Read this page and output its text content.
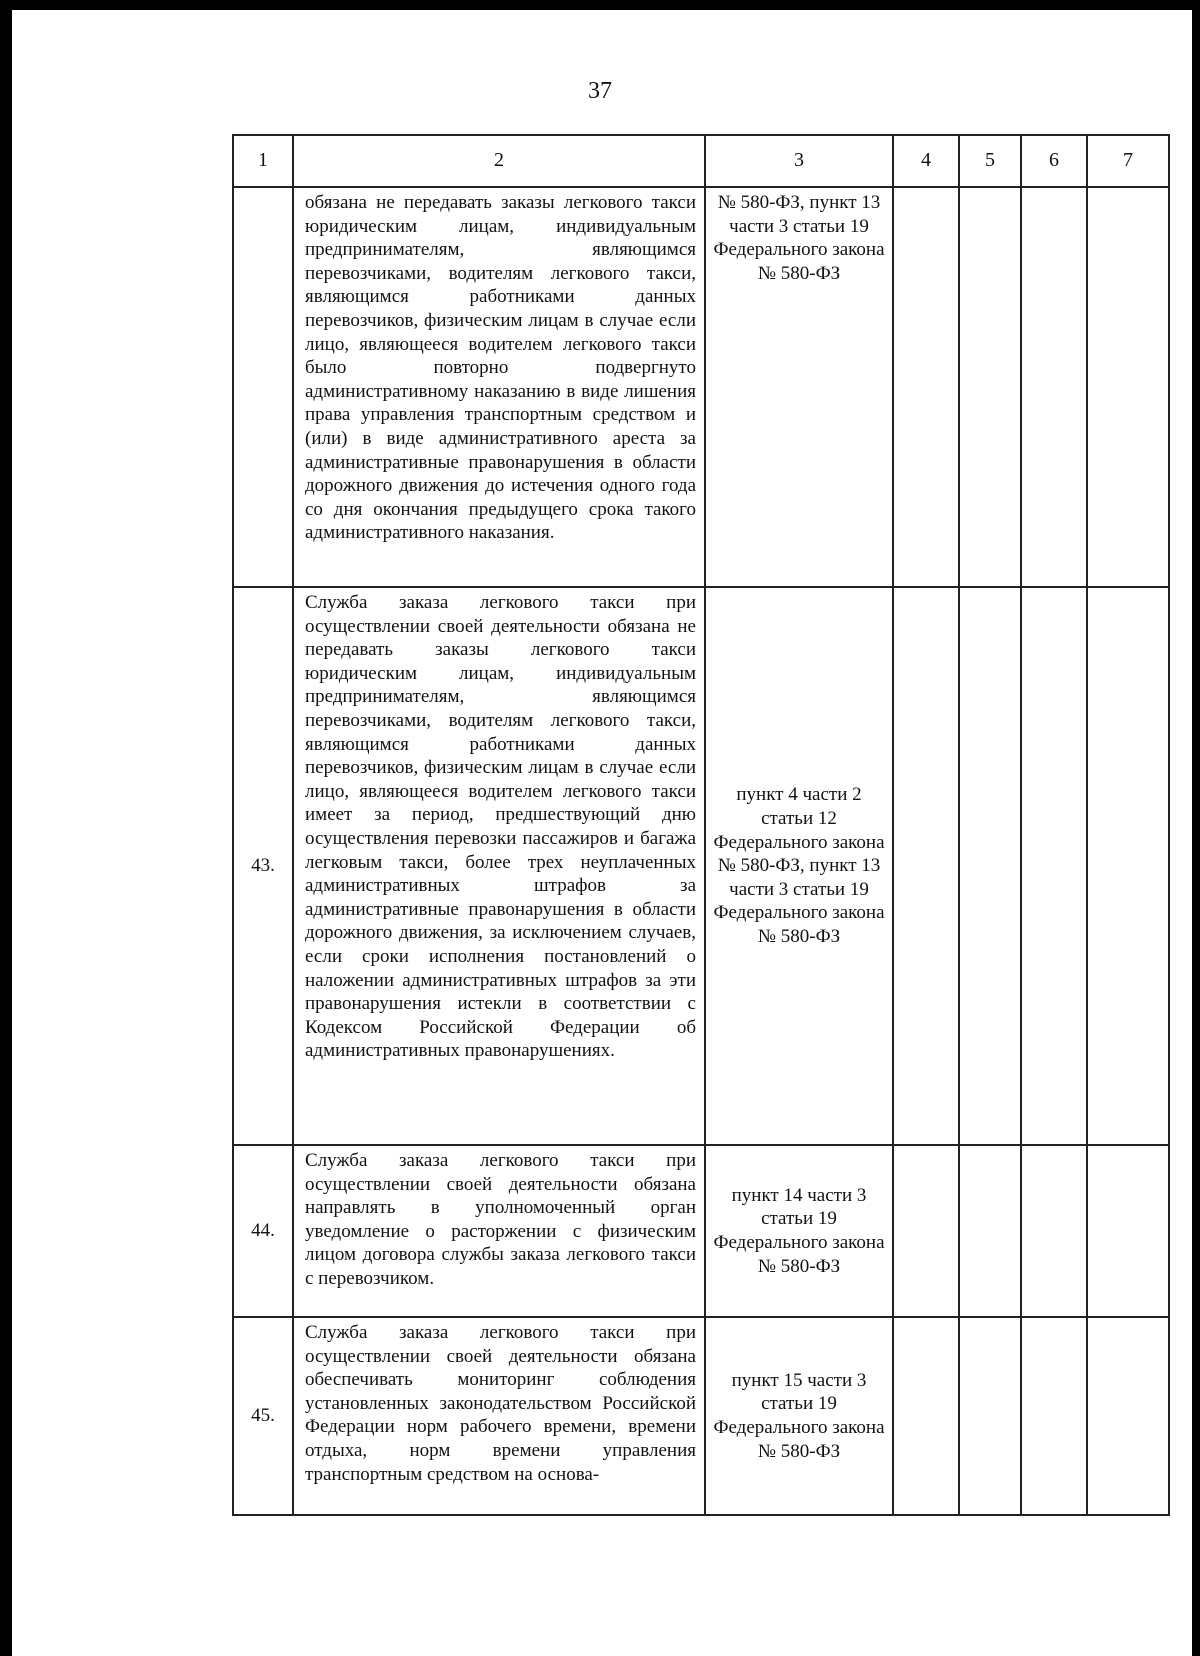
37
1	2	3	4	5	6	7

	обязана не передавать заказы легкового такси юридическим лицам, индивидуальным предпринимателям, являющимся перевозчиками, водителям легкового такси, являющимся работниками данных перевозчиков, физическим лицам в случае если лицо, являющееся водителем легкового такси было повторно подвергнуто административному наказанию в виде лишения права управления транспортным средством и (или) в виде административного ареста за административные правонарушения в области дорожного движения до истечения одного года со дня окончания предыдущего срока такого административного наказания.	№ 580-ФЗ, пункт 13 части 3 статьи 19 Федерального закона № 580-ФЗ				

43.	Служба заказа легкового такси при осуществлении своей деятельности обязана не передавать заказы легкового такси юридическим лицам, индивидуальным предпринимателям, являющимся перевозчиками, водителям легкового такси, являющимся работниками данных перевозчиков, физическим лицам в случае если лицо, являющееся водителем легкового такси имеет за период, предшествующий дню осуществления перевозки пассажиров и багажа легковым такси, более трех неуплаченных административных штрафов за административные правонарушения в области дорожного движения, за исключением случаев, если сроки исполнения постановлений о наложении административных штрафов за эти правонарушения истекли в соответствии с Кодексом Российской Федерации об административных правонарушениях.	пункт 4 части 2 статьи 12 Федерального закона № 580-ФЗ, пункт 13 части 3 статьи 19 Федерального закона № 580-ФЗ				

44.	Служба заказа легкового такси при осуществлении своей деятельности обязана направлять в уполномоченный орган уведомление о расторжении с физическим лицом договора службы заказа легкового такси с перевозчиком.	пункт 14 части 3 статьи 19 Федерального закона № 580-ФЗ				

45.	Служба заказа легкового такси при осуществлении своей деятельности обязана обеспечивать мониторинг соблюдения установленных законодательством Российской Федерации норм рабочего времени, времени отдыха, норм времени управления транспортным средством на основа-	пункт 15 части 3 статьи 19 Федерального закона № 580-ФЗ				
